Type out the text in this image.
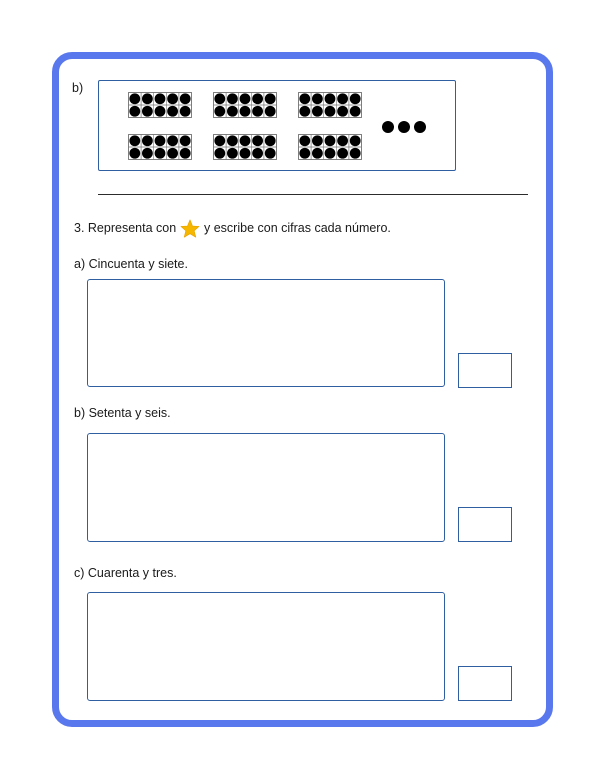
b)
3. Representa con y escribe con cifras cada número.
a) Cincuenta y siete.
b) Setenta y seis.
c) Cuarenta y tres.
